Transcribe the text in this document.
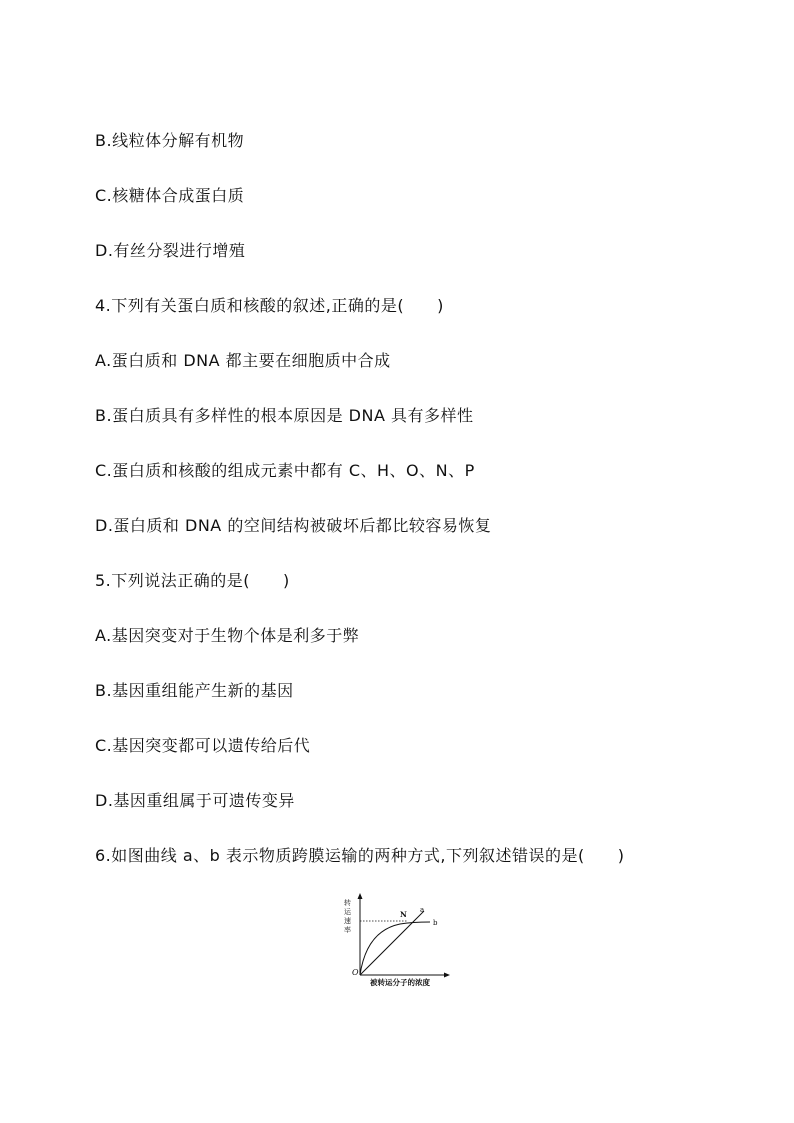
B.线粒体分解有机物
C.核糖体合成蛋白质
D.有丝分裂进行增殖
4.下列有关蛋白质和核酸的叙述,正确的是(　　)
A.蛋白质和 DNA 都主要在细胞质中合成
B.蛋白质具有多样性的根本原因是 DNA 具有多样性
C.蛋白质和核酸的组成元素中都有 C、H、O、N、P
D.蛋白质和 DNA 的空间结构被破坏后都比较容易恢复
5.下列说法正确的是(　　)
A.基因突变对于生物个体是利多于弊
B.基因重组能产生新的基因
C.基因突变都可以遗传给后代
D.基因重组属于可遗传变异
6.如图曲线 a、b 表示物质跨膜运输的两种方式,下列叙述错误的是(　　)
转
运
速
率
O
N a
b
被转运分子的浓度
